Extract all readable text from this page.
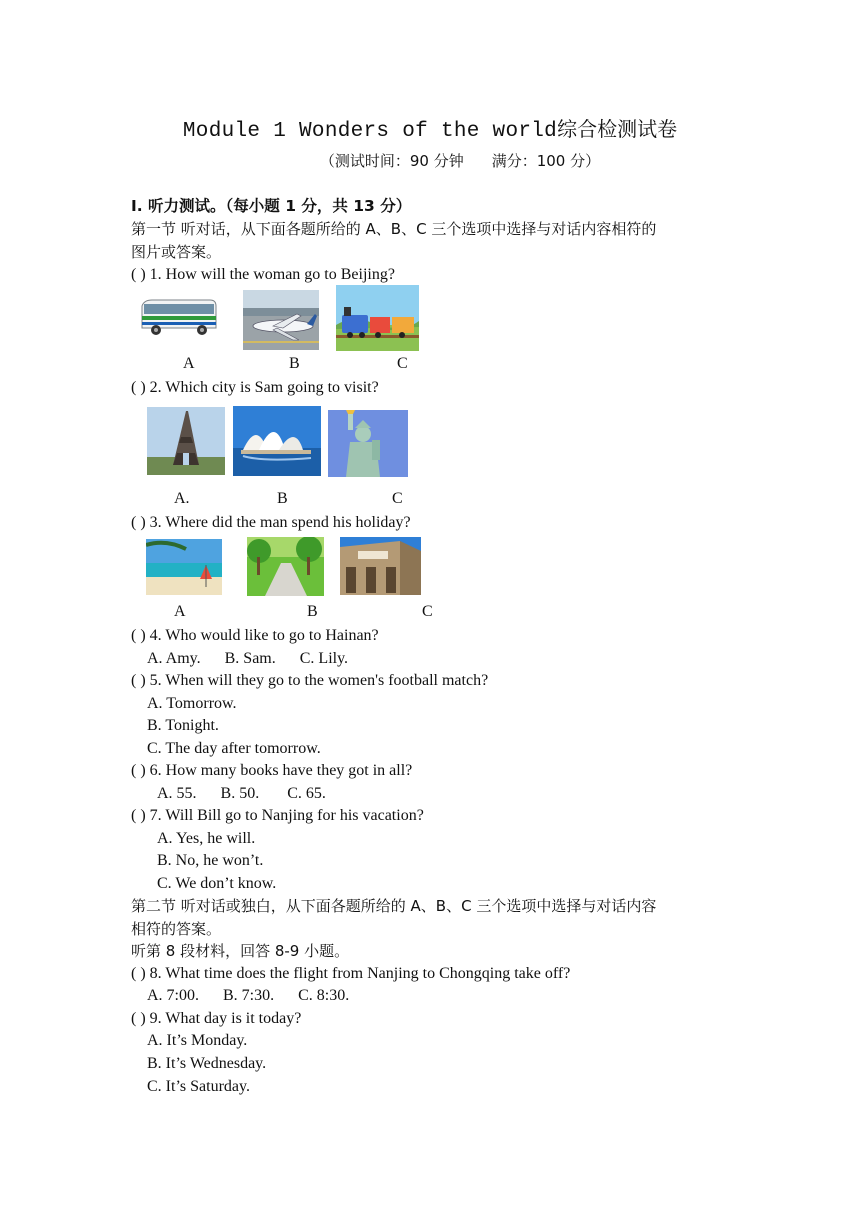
Module 1 Wonders of the world综合检测试卷
（测试时间：90 分钟 满分：100 分）
Ⅰ. 听力测试。（每小题 1 分，共 13 分）
第一节 听对话，从下面各题所给的 A、B、C 三个选项中选择与对话内容相符的
图片或答案。
( ) 1. How will the woman go to Beijing?
A	B	C
( ) 2. Which city is Sam going to visit?
A.	B	C
( ) 3. Where did the man spend his holiday?
A	B	C
( ) 4. Who would like to go to Hainan?
A. Amy.      B. Sam.      C. Lily.
( ) 5. When will they go to the women's football match?
A. Tomorrow.
B. Tonight.
C. The day after tomorrow.
( ) 6. How many books have they got in all?
A. 55.      B. 50.       C. 65.
( ) 7. Will Bill go to Nanjing for his vacation?
A. Yes, he will.
B. No, he won’t.
C. We don’t know.
第二节 听对话或独白，从下面各题所给的 A、B、C 三个选项中选择与对话内容
相符的答案。
听第 8 段材料，回答 8-9 小题。
( ) 8. What time does the flight from Nanjing to Chongqing take off?
A. 7:00.      B. 7:30.      C. 8:30.
( ) 9. What day is it today?
A. It’s Monday.
B. It’s Wednesday.
C. It’s Saturday.
